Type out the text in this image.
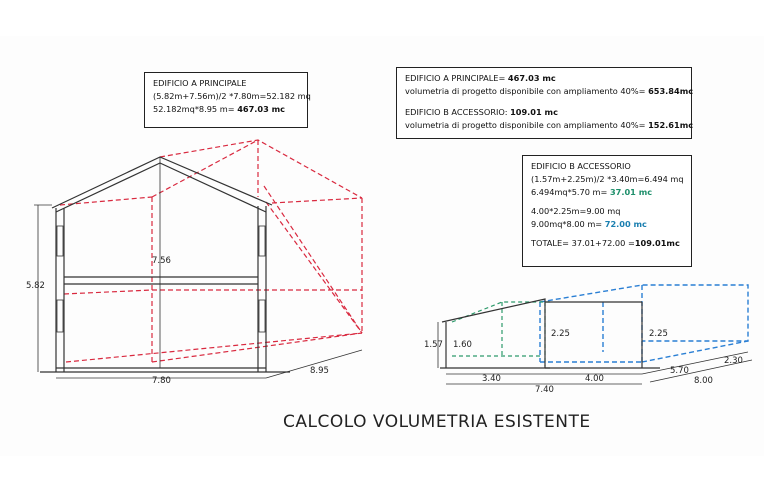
5.82
7.56
7.80
8.95
1.57 1.60
2.25	2.25
3.40	4.00
7.40
5.70
2.30
8.00
EDIFICIO A PRINCIPALE
(5.82m+7.56m)/2 *7.80m=52.182 mq
52.182mq*8.95 m= 467.03 mc
EDIFICIO A PRINCIPALE= 467.03 mc
volumetria di progetto disponibile con ampliamento 40%= 653.84mc
EDIFICIO B ACCESSORIO: 109.01 mc
volumetria di progetto disponibile con ampliamento 40%= 152.61mc
EDIFICIO B ACCESSORIO
(1.57m+2.25m)/2 *3.40m=6.494 mq
6.494mq*5.70 m= 37.01 mc
4.00*2.25m=9.00 mq
9.00mq*8.00 m= 72.00 mc
TOTALE= 37.01+72.00 =109.01mc
CALCOLO VOLUMETRIA ESISTENTE
